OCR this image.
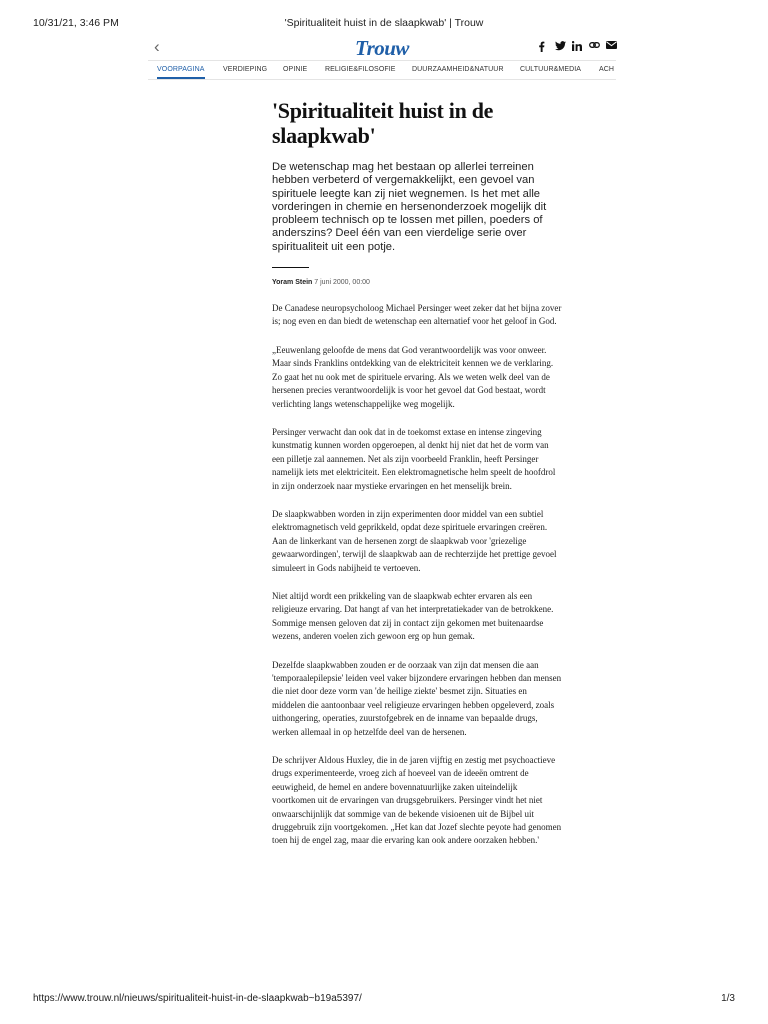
10/31/21, 3:46 PM	'Spiritualiteit huist in de slaapkwab' | Trouw
‹	Trouw
VOORPAGINA	VERDIEPING OPINIE	RELIGIE&FILOSOFIE DUURZAAMHEID&NATUUR CULTUUR&MEDIA	ACH
'Spiritualiteit huist in de slaapkwab'

De wetenschap mag het bestaan op allerlei terreinen hebben verbeterd of vergemakkelijkt, een gevoel van spirituele leegte kan zij niet wegnemen. Is het met alle vorderingen in chemie en hersenonderzoek mogelijk dit probleem technisch op te lossen met pillen, poeders of anderszins? Deel één van een vierdelige serie over spiritualiteit uit een potje.

Yoram Stein 7 juni 2000, 00:00

De Canadese neuropsycholoog Michael Persinger weet zeker dat het bijna zover is; nog even en dan biedt de wetenschap een alternatief voor het geloof in God.

„Eeuwenlang geloofde de mens dat God verantwoordelijk was voor onweer. Maar sinds Franklins ontdekking van de elektriciteit kennen we de verklaring. Zo gaat het nu ook met de spirituele ervaring. Als we weten welk deel van de hersenen precies verantwoordelijk is voor het gevoel dat God bestaat, wordt verlichting langs wetenschappelijke weg mogelijk.

Persinger verwacht dan ook dat in de toekomst extase en intense zingeving kunstmatig kunnen worden opgeroepen, al denkt hij niet dat het de vorm van een pilletje zal aannemen. Net als zijn voorbeeld Franklin, heeft Persinger namelijk iets met elektriciteit. Een elektromagnetische helm speelt de hoofdrol in zijn onderzoek naar mystieke ervaringen en het menselijk brein.

De slaapkwabben worden in zijn experimenten door middel van een subtiel elektromagnetisch veld geprikkeld, opdat deze spirituele ervaringen creëren. Aan de linkerkant van de hersenen zorgt de slaapkwab voor 'griezelige gewaarwordingen', terwijl de slaapkwab aan de rechterzijde het prettige gevoel simuleert in Gods nabijheid te vertoeven.

Niet altijd wordt een prikkeling van de slaapkwab echter ervaren als een religieuze ervaring. Dat hangt af van het interpretatiekader van de betrokkene. Sommige mensen geloven dat zij in contact zijn gekomen met buitenaardse wezens, anderen voelen zich gewoon erg op hun gemak.

Dezelfde slaapkwabben zouden er de oorzaak van zijn dat mensen die aan 'temporaalepilepsie' leiden veel vaker bijzondere ervaringen hebben dan mensen die niet door deze vorm van 'de heilige ziekte' besmet zijn. Situaties en middelen die aantoonbaar veel religieuze ervaringen hebben opgeleverd, zoals uithongering, operaties, zuurstofgebrek en de inname van bepaalde drugs, werken allemaal in op hetzelfde deel van de hersenen.

De schrijver Aldous Huxley, die in de jaren vijftig en zestig met psychoactieve drugs experimenteerde, vroeg zich af hoeveel van de ideeën omtrent de eeuwigheid, de hemel en andere bovennatuurlijke zaken uiteindelijk voortkomen uit de ervaringen van drugsgebruikers. Persinger vindt het niet onwaarschijnlijk dat sommige van de bekende visioenen uit de Bijbel uit druggebruik zijn voortgekomen. „Het kan dat Jozef slechte peyote had genomen toen hij de engel zag, maar die ervaring kan ook andere oorzaken hebben.'

https://www.trouw.nl/nieuws/spiritualiteit-huist-in-de-slaapkwab~b19a5397/	1/3
